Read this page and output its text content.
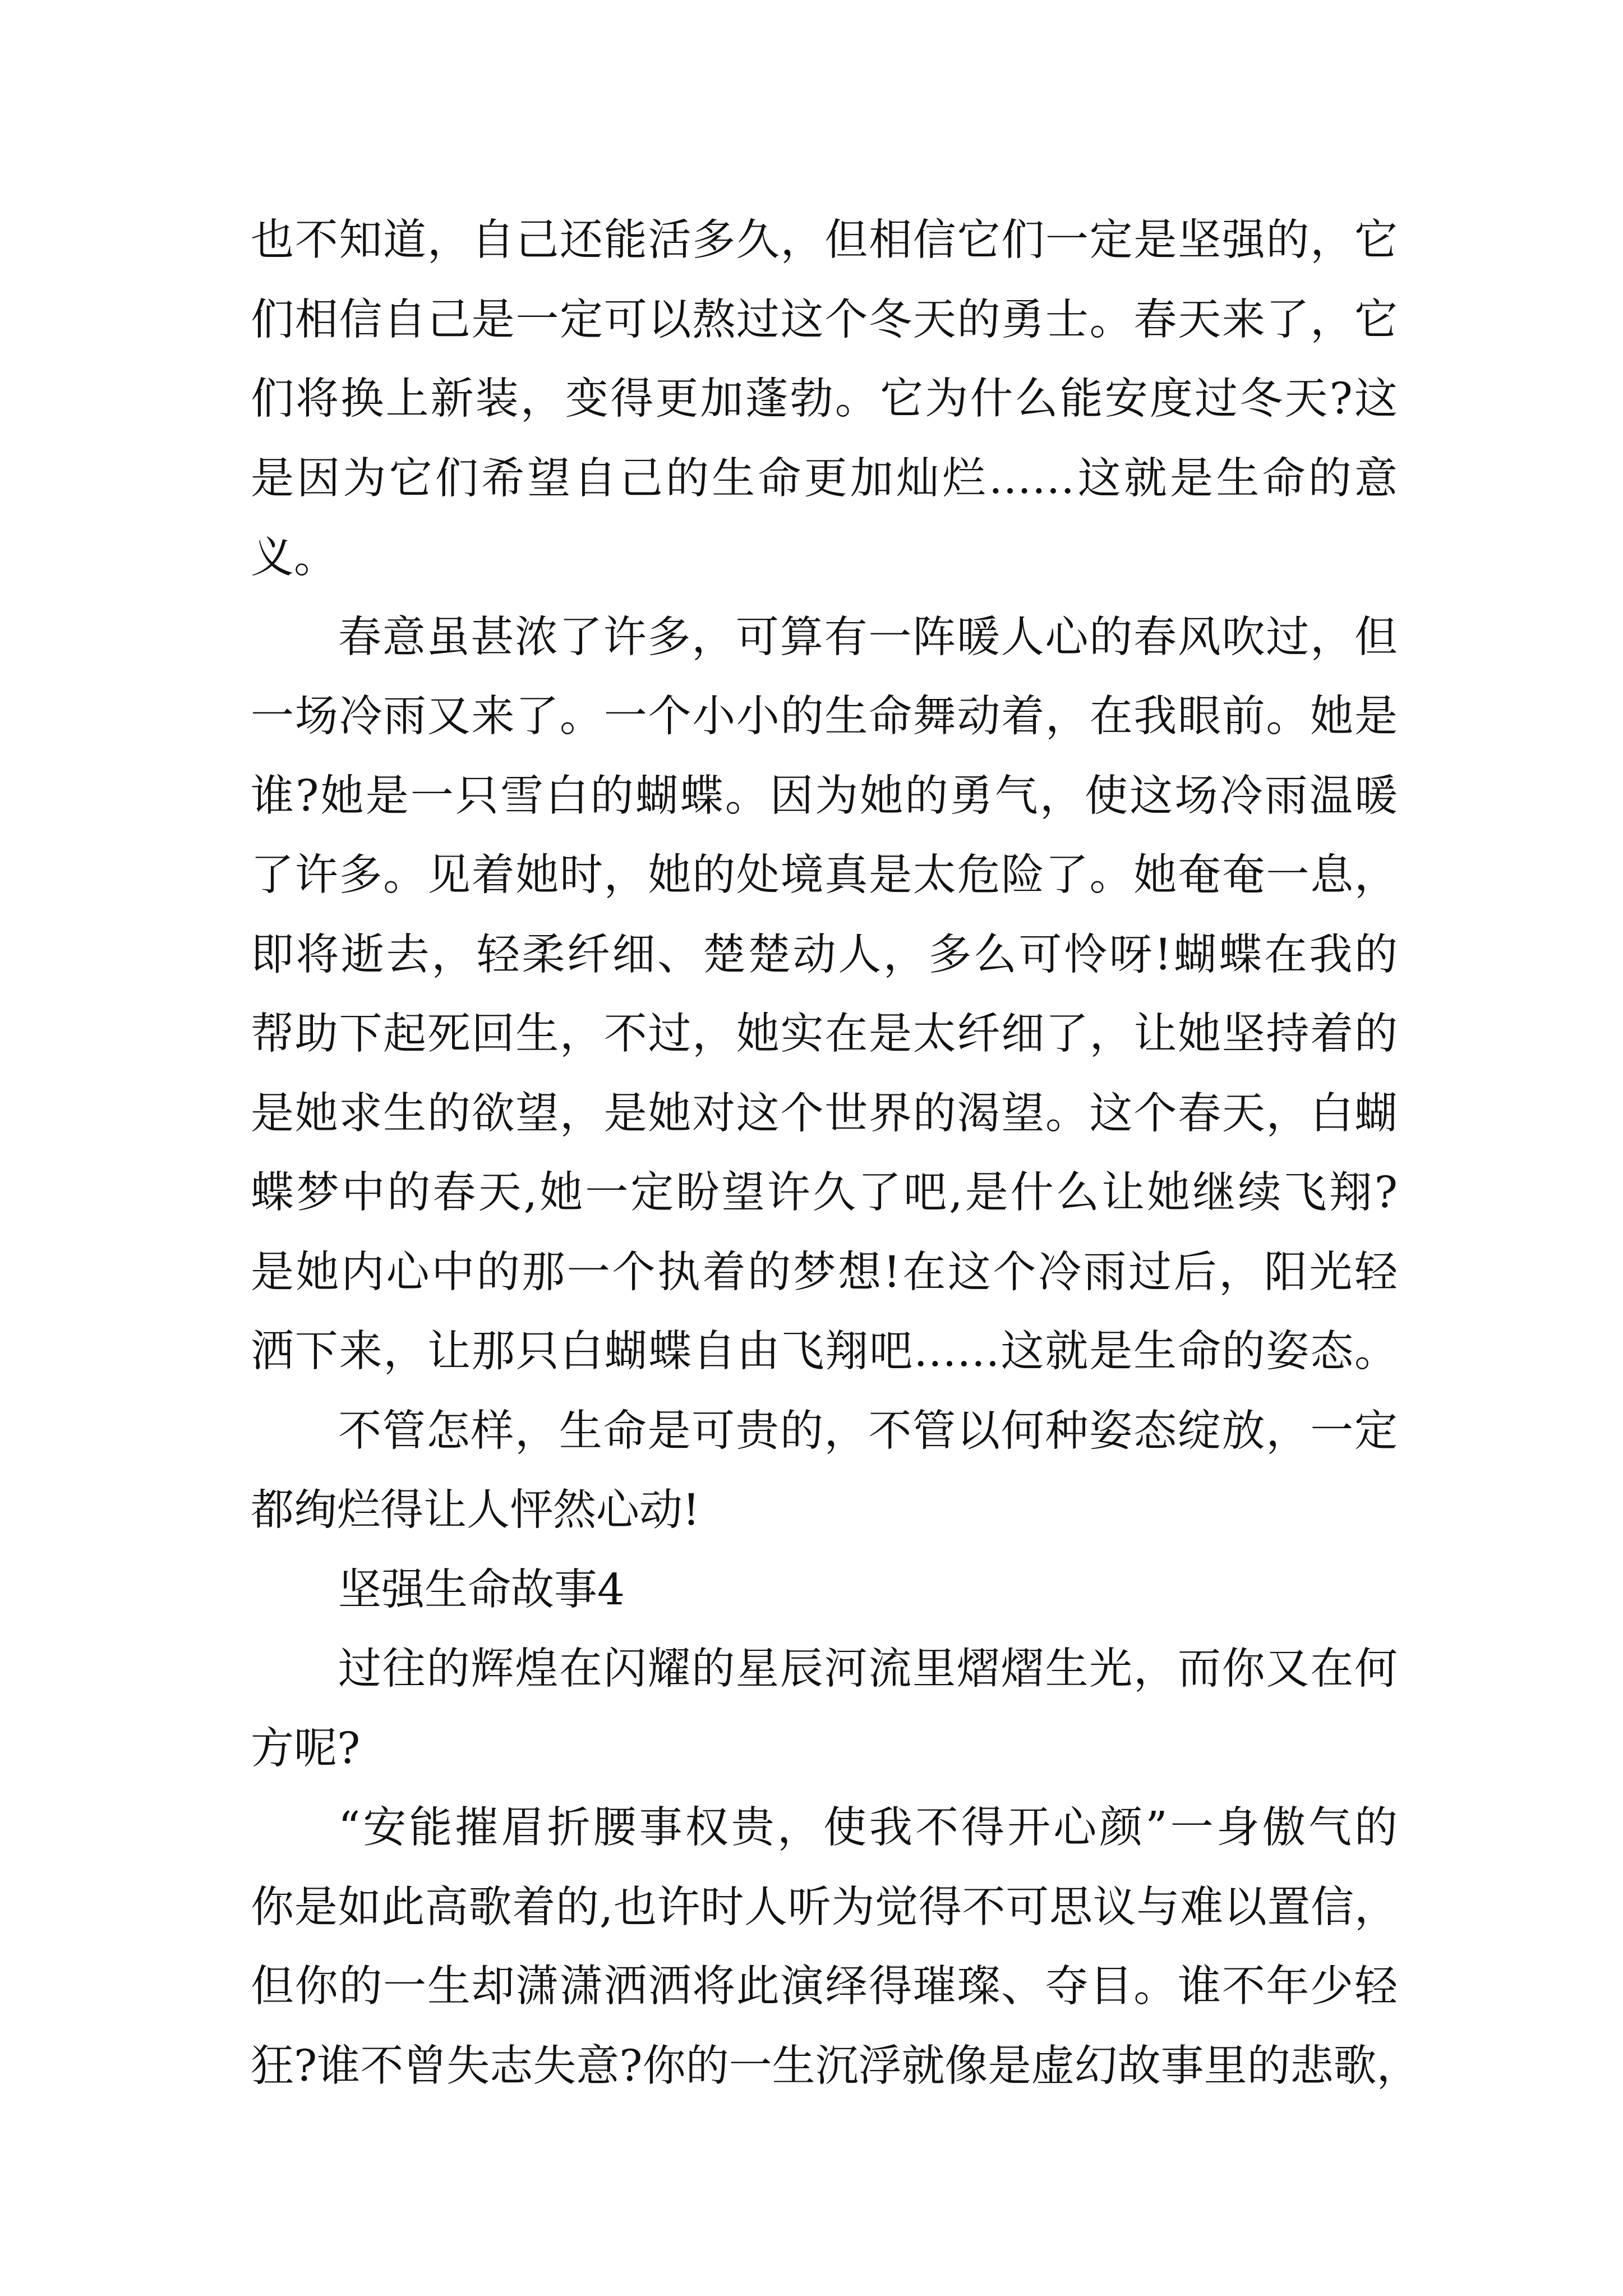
也不知道，自己还能活多久，但相信它们一定是坚强的，它
们相信自己是一定可以熬过这个冬天的勇士。春天来了，它
们将换上新装，变得更加蓬勃。它为什么能安度过冬天?这
是因为它们希望自己的生命更加灿烂……这就是生命的意
义。
春意虽甚浓了许多，可算有一阵暖人心的春风吹过，但
一场冷雨又来了。一个小小的生命舞动着，在我眼前。她是
谁?她是一只雪白的蝴蝶。因为她的勇气，使这场冷雨温暖
了许多。见着她时，她的处境真是太危险了。她奄奄一息，
即将逝去，轻柔纤细、楚楚动人，多么可怜呀!蝴蝶在我的
帮助下起死回生，不过，她实在是太纤细了，让她坚持着的
是她求生的欲望，是她对这个世界的渴望。这个春天，白蝴
蝶梦中的春天,她一定盼望许久了吧,是什么让她继续飞翔?
是她内心中的那一个执着的梦想!在这个冷雨过后，阳光轻
洒下来，让那只白蝴蝶自由飞翔吧……这就是生命的姿态。
不管怎样，生命是可贵的，不管以何种姿态绽放，一定
都绚烂得让人怦然心动!
坚强生命故事4
过往的辉煌在闪耀的星辰河流里熠熠生光，而你又在何
方呢?
“安能摧眉折腰事权贵，使我不得开心颜”一身傲气的
你是如此高歌着的,也许时人听为觉得不可思议与难以置信，
但你的一生却潇潇洒洒将此演绎得璀璨、夺目。谁不年少轻
狂?谁不曾失志失意?你的一生沉浮就像是虚幻故事里的悲歌，
